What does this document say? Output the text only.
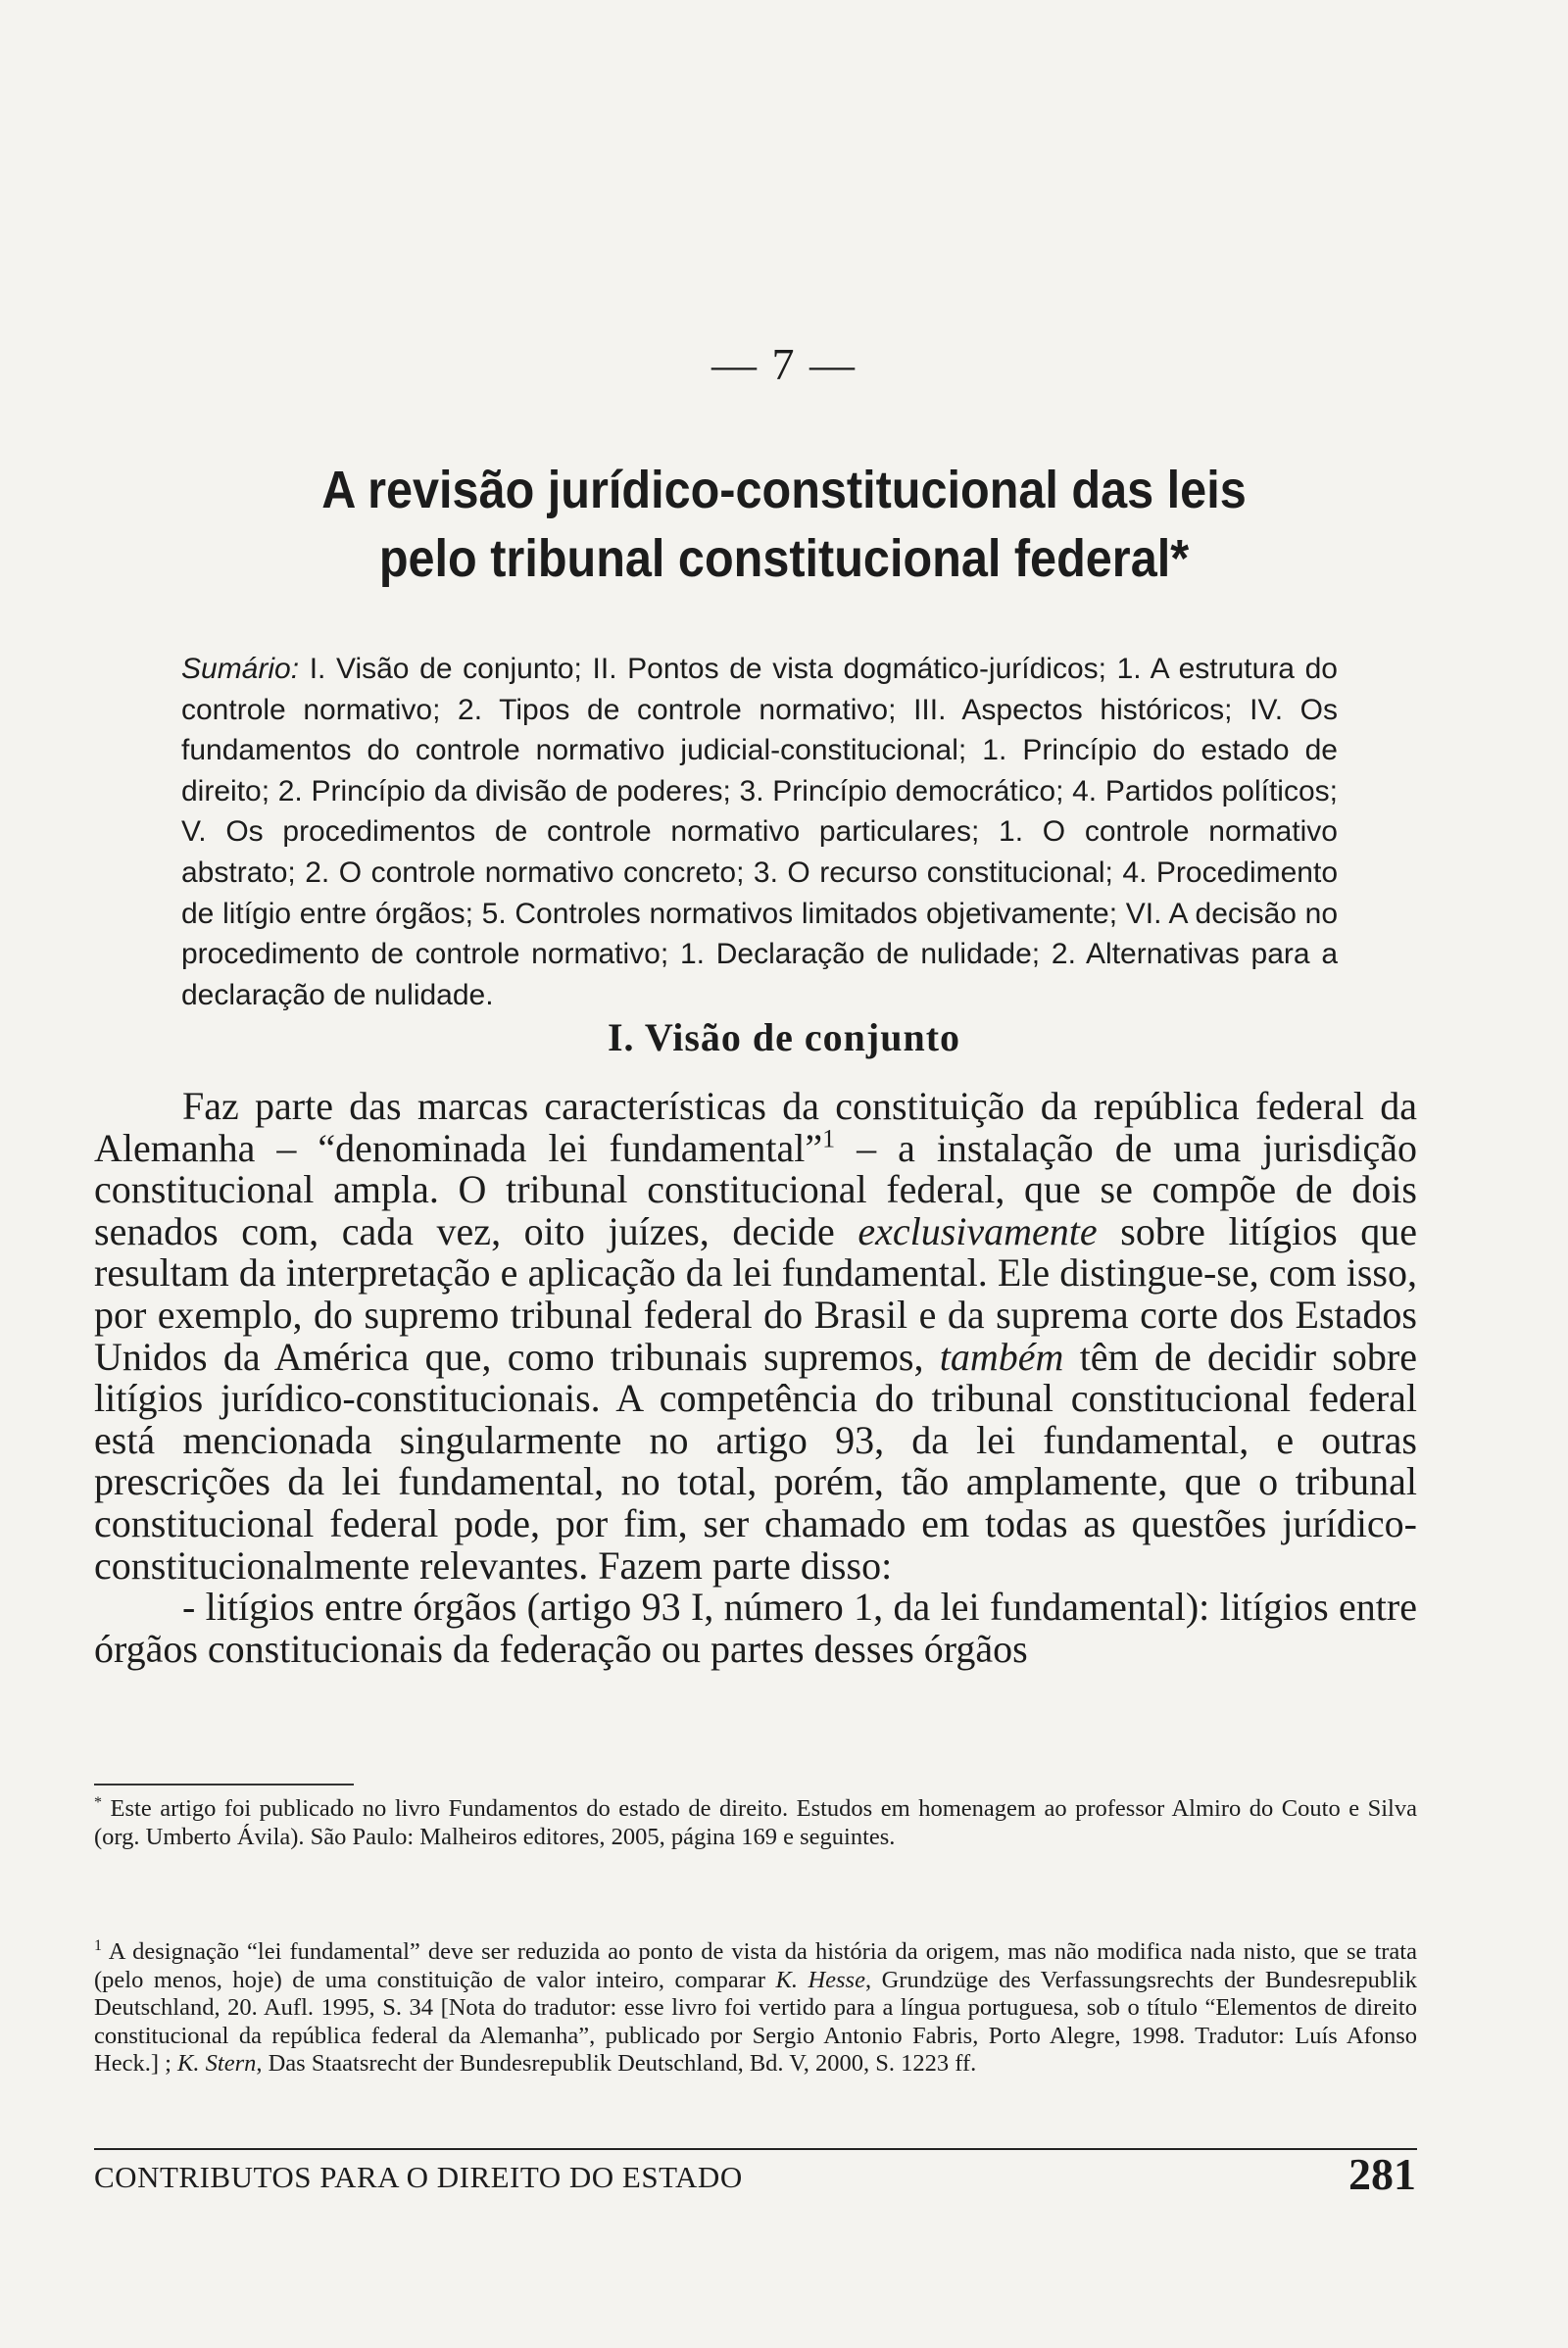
— 7 —
A revisão jurídico-constitucional das leis
pelo tribunal constitucional federal*
Sumário: I. Visão de conjunto; II. Pontos de vista dogmático-jurídicos; 1. A estrutura do controle normativo; 2. Tipos de controle normativo; III. Aspectos históricos; IV. Os fundamentos do controle normativo judicial-constitucional; 1. Princípio do estado de direito; 2. Princípio da divisão de poderes; 3. Princípio democrático; 4. Partidos políticos; V. Os procedimentos de controle normativo particulares; 1. O controle normativo abstrato; 2. O controle normativo concreto; 3. O recurso constitucional; 4. Procedimento de litígio entre órgãos; 5. Controles normativos limitados objetivamente; VI. A decisão no procedimento de controle normativo; 1. Declaração de nulidade; 2. Alternativas para a declaração de nulidade.
I. Visão de conjunto

Faz parte das marcas características da constituição da república federal da Alemanha – “denominada lei fundamental”$^1$ – a instalação de uma jurisdição constitucional ampla. O tribunal constitucional federal, que se compõe de dois senados com, cada vez, oito juízes, decide exclusivamente sobre litígios que resultam da interpretação e aplicação da lei fundamental. Ele distingue-se, com isso, por exemplo, do supremo tribunal federal do Brasil e da suprema corte dos Estados Unidos da América que, como tribunais supremos, também têm de decidir sobre litígios jurídico-constitucionais. A competência do tribunal constitucional federal está mencionada singularmente no artigo 93, da lei fundamental, e outras prescrições da lei fundamental, no total, porém, tão amplamente, que o tribunal constitucional federal pode, por fim, ser chamado em todas as questões jurídico-constitucionalmente relevantes. Fazem parte disso:

- litígios entre órgãos (artigo 93 I, número 1, da lei fundamental): litígios entre órgãos constitucionais da federação ou partes desses órgãos

* Este artigo foi publicado no livro Fundamentos do estado de direito. Estudos em homenagem ao professor Almiro do Couto e Silva (org. Umberto Ávila). São Paulo: Malheiros editores, 2005, página 169 e seguintes.
$^1$ A designação “lei fundamental” deve ser reduzida ao ponto de vista da história da origem, mas não modifica nada nisto, que se trata (pelo menos, hoje) de uma constituição de valor inteiro, comparar K. Hesse, Grundzüge des Verfassungsrechts der Bundesrepublik Deutschland, 20. Aufl. 1995, S. 34 [Nota do tradutor: esse livro foi vertido para a língua portuguesa, sob o título “Elementos de direito constitucional da república federal da Alemanha”, publicado por Sergio Antonio Fabris, Porto Alegre, 1998. Tradutor: Luís Afonso Heck.] ; K. Stern, Das Staatsrecht der Bundesrepublik Deutschland, Bd. V, 2000, S. 1223 ff.
CONTRIBUTOS PARA O DIREITO DO ESTADO	281
